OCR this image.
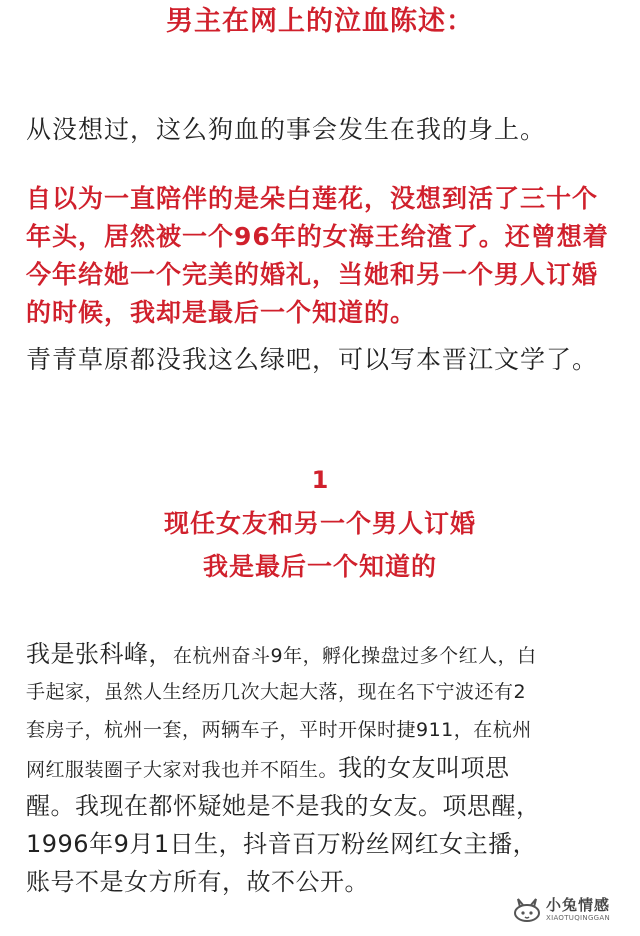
男主在网上的泣血陈述：
从没想过，这么狗血的事会发生在我的身上。
自以为一直陪伴的是朵白莲花，没想到活了三十个年头，居然被一个96年的女海王给渣了。还曾想着今年给她一个完美的婚礼，当她和另一个男人订婚的时候，我却是最后一个知道的。
青青草原都没我这么绿吧，可以写本晋江文学了。
1
现任女友和另一个男人订婚
我是最后一个知道的
我是张科峰，在杭州奋斗9年，孵化操盘过多个红人，白
手起家，虽然人生经历几次大起大落，现在名下宁波还有2
套房子，杭州一套，两辆车子，平时开保时捷911，在杭州
网红服装圈子大家对我也并不陌生。我的女友叫项思
醒。我现在都怀疑她是不是我的女友。项思醒，
1996年9月1日生，抖音百万粉丝网红女主播，
账号不是女方所有，故不公开。
小兔情感
XIAOTUQINGGAN
